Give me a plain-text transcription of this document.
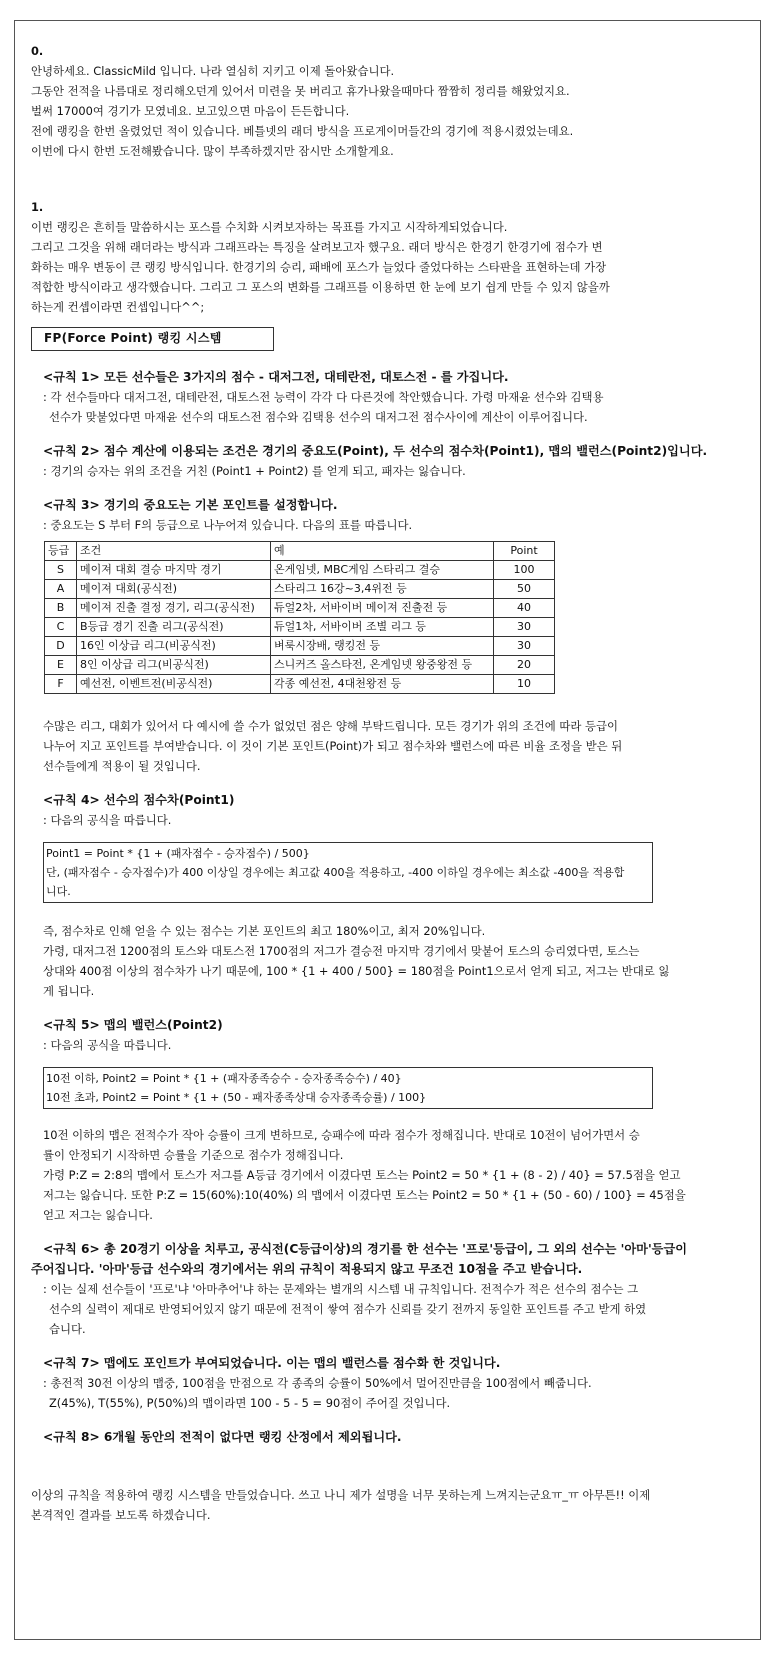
0.
안녕하세요. ClassicMild 입니다. 나라 열심히 지키고 이제 돌아왔습니다.
그동안 전적을 나름대로 정리해오던게 있어서 미련을 못 버리고 휴가나왔을때마다 짬짬히 정리를 해왔었지요.
벌써 17000여 경기가 모였네요. 보고있으면 마음이 든든합니다.
전에 랭킹을 한번 올렸었던 적이 있습니다. 베틀넷의 래더 방식을 프로게이머들간의 경기에 적용시켰었는데요.
이번에 다시 한번 도전해봤습니다. 많이 부족하겠지만 잠시만 소개할게요.
1.
이번 랭킹은 흔히들 말씀하시는 포스를 수치화 시켜보자하는 목표를 가지고 시작하게되었습니다.
그리고 그것을 위해 래더라는 방식과 그래프라는 특징을 살려보고자 했구요. 래더 방식은 한경기 한경기에 점수가 변
화하는 매우 변동이 큰 랭킹 방식입니다. 한경기의 승리, 패배에 포스가 늘었다 줄었다하는 스타판을 표현하는데 가장
적합한 방식이라고 생각했습니다. 그리고 그 포스의 변화를 그래프를 이용하면 한 눈에 보기 쉽게 만들 수 있지 않을까
하는게 컨셉이라면 컨셉입니다^^;
FP(Force Point) 랭킹 시스템
<규칙 1> 모든 선수들은 3가지의 점수 - 대저그전, 대테란전, 대토스전 - 를 가집니다.
: 각 선수들마다 대저그전, 대테란전, 대토스전 능력이 각각 다 다른것에 착안했습니다. 가령 마재윤 선수와 김택용
선수가 맞붙었다면 마재윤 선수의 대토스전 점수와 김택용 선수의 대저그전 점수사이에 계산이 이루어집니다.
<규칙 2> 점수 계산에 이용되는 조건은 경기의 중요도(Point), 두 선수의 점수차(Point1), 맵의 밸런스(Point2)입니다.
: 경기의 승자는 위의 조건을 거친 (Point1 + Point2) 를 얻게 되고, 패자는 잃습니다.
<규칙 3> 경기의 중요도는 기본 포인트를 설정합니다.
: 중요도는 S 부터 F의 등급으로 나누어져 있습니다. 다음의 표를 따릅니다.
등급	조건	예	Point
S	메이져 대회 결승 마지막 경기	온게임넷, MBC게임 스타리그 결승	100
A	메이져 대회(공식전)	스타리그 16강~3,4위전 등	50
B	메이져 진출 결정 경기, 리그(공식전)	듀얼2차, 서바이버 메이져 진출전 등	40
C	B등급 경기 진출 리그(공식전)	듀얼1차, 서바이버 조별 리그 등	30
D	16인 이상급 리그(비공식전)	벼룩시장배, 랭킹전 등	30
E	8인 이상급 리그(비공식전)	스니커즈 올스타전, 온게임넷 왕중왕전 등	20
F	예선전, 이벤트전(비공식전)	각종 예선전, 4대천왕전 등	10
수많은 리그, 대회가 있어서 다 예시에 쓸 수가 없었던 점은 양해 부탁드립니다. 모든 경기가 위의 조건에 따라 등급이
나누어 지고 포인트를 부여받습니다. 이 것이 기본 포인트(Point)가 되고 점수차와 밸런스에 따른 비율 조정을 받은 뒤
선수들에게 적용이 될 것입니다.
<규칙 4> 선수의 점수차(Point1)
: 다음의 공식을 따릅니다.
Point1 = Point * {1 + (패자점수 - 승자점수) / 500}
단, (패자점수 - 승자점수)가 400 이상일 경우에는 최고값 400을 적용하고, -400 이하일 경우에는 최소값 -400을 적용합
니다.
즉, 점수차로 인해 얻을 수 있는 점수는 기본 포인트의 최고 180%이고, 최저 20%입니다.
가령, 대저그전 1200점의 토스와 대토스전 1700점의 저그가 결승전 마지막 경기에서 맞붙어 토스의 승리였다면, 토스는
상대와 400점 이상의 점수차가 나기 때문에, 100 * {1 + 400 / 500} = 180점을 Point1으로서 얻게 되고, 저그는 반대로 잃
게 됩니다.
<규칙 5> 맵의 밸런스(Point2)
: 다음의 공식을 따릅니다.
10전 이하, Point2 = Point * {1 + (패자종족승수 - 승자종족승수) / 40}
10전 초과, Point2 = Point * {1 + (50 - 패자종족상대 승자종족승률) / 100}
10전 이하의 맵은 전적수가 작아 승률이 크게 변하므로, 승패수에 따라 점수가 정해집니다. 반대로 10전이 넘어가면서 승
률이 안정되기 시작하면 승률을 기준으로 점수가 정해집니다.
가령 P:Z = 2:8의 맵에서 토스가 저그를 A등급 경기에서 이겼다면 토스는 Point2 = 50 * {1 + (8 - 2) / 40} = 57.5점을 얻고
저그는 잃습니다. 또한 P:Z = 15(60%):10(40%) 의 맵에서 이겼다면 토스는 Point2 = 50 * {1 + (50 - 60) / 100} = 45점을
얻고 저그는 잃습니다.
<규칙 6> 총 20경기 이상을 치루고, 공식전(C등급이상)의 경기를 한 선수는 '프로'등급이, 그 외의 선수는 '아마'등급이
주어집니다. '아마'등급 선수와의 경기에서는 위의 규칙이 적용되지 않고 무조건 10점을 주고 받습니다.
: 이는 실제 선수들이 '프로'냐 '아마추어'냐 하는 문제와는 별개의 시스템 내 규칙입니다. 전적수가 적은 선수의 점수는 그
선수의 실력이 제대로 반영되어있지 않기 때문에 전적이 쌓여 점수가 신뢰를 갖기 전까지 동일한 포인트를 주고 받게 하였
습니다.
<규칙 7> 맵에도 포인트가 부여되었습니다. 이는 맵의 밸런스를 점수화 한 것입니다.
: 총전적 30전 이상의 맵중, 100점을 만점으로 각 종족의 승률이 50%에서 멀어진만큼을 100점에서 빼줍니다.
Z(45%), T(55%), P(50%)의 맵이라면 100 - 5 - 5 = 90점이 주어질 것입니다.
<규칙 8> 6개월 동안의 전적이 없다면 랭킹 산정에서 제외됩니다.
이상의 규칙을 적용하여 랭킹 시스템을 만들었습니다. 쓰고 나니 제가 설명을 너무 못하는게 느껴지는군요ㅠ_ㅠ 아무튼!! 이제
본격적인 결과를 보도록 하겠습니다.
